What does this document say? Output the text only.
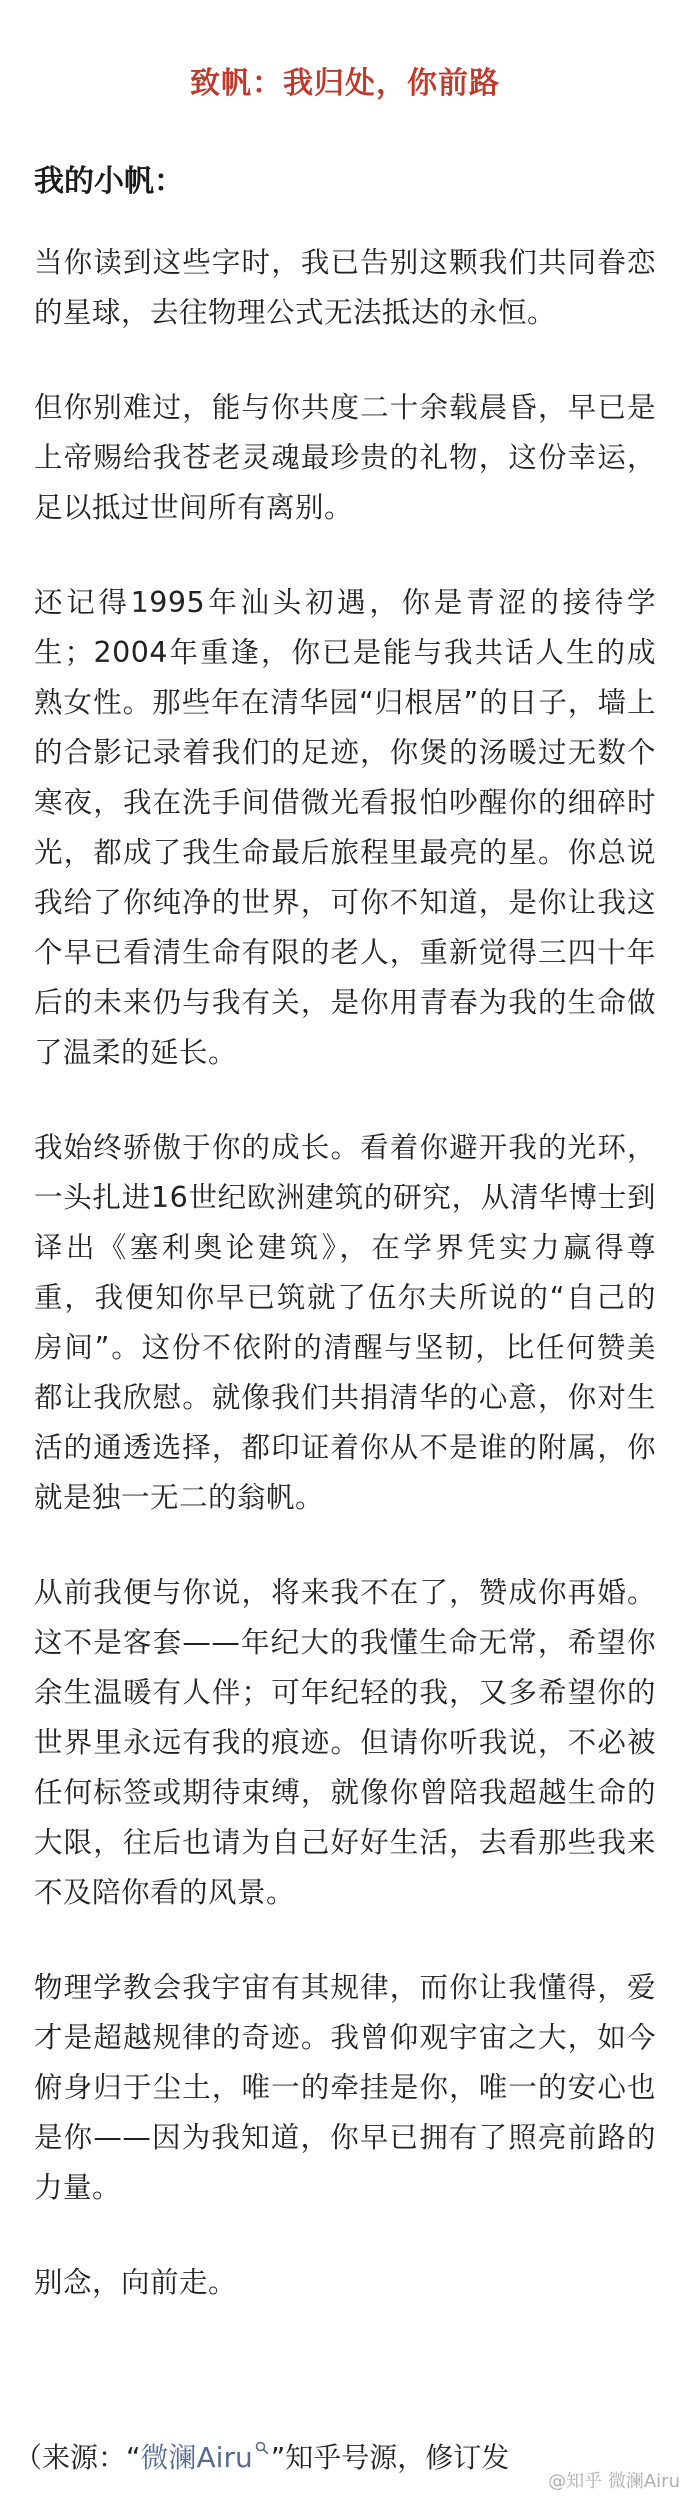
致帆：我归处，你前路
我的小帆：

当你读到这些字时，我已告别这颗我们共同眷恋的星球，去往物理公式无法抵达的永恒。

但你别难过，能与你共度二十余载晨昏，早已是上帝赐给我苍老灵魂最珍贵的礼物，这份幸运，足以抵过世间所有离别。

还记得1995年汕头初遇，你是青涩的接待学生；2004年重逢，你已是能与我共话人生的成熟女性。那些年在清华园“归根居”的日子，墙上的合影记录着我们的足迹，你煲的汤暖过无数个寒夜，我在洗手间借微光看报怕吵醒你的细碎时光，都成了我生命最后旅程里最亮的星。你总说我给了你纯净的世界，可你不知道，是你让我这个早已看清生命有限的老人，重新觉得三四十年后的未来仍与我有关，是你用青春为我的生命做了温柔的延长。

我始终骄傲于你的成长。看着你避开我的光环，一头扎进16世纪欧洲建筑的研究，从清华博士到译出《塞利奥论建筑》，在学界凭实力赢得尊重，我便知你早已筑就了伍尔夫所说的“自己的房间”。这份不依附的清醒与坚韧，比任何赞美都让我欣慰。就像我们共捐清华的心意，你对生活的通透选择，都印证着你从不是谁的附属，你就是独一无二的翁帆。

从前我便与你说，将来我不在了，赞成你再婚。这不是客套——年纪大的我懂生命无常，希望你余生温暖有人伴；可年纪轻的我，又多希望你的世界里永远有我的痕迹。但请你听我说，不必被任何标签或期待束缚，就像你曾陪我超越生命的大限，往后也请为自己好好生活，去看那些我来不及陪你看的风景。

物理学教会我宇宙有其规律，而你让我懂得，爱才是超越规律的奇迹。我曾仰观宇宙之大，如今俯身归于尘土，唯一的牵挂是你，唯一的安心也是你——因为我知道，你早已拥有了照亮前路的力量。

别念，向前走。

（来源：“微澜Airu ”知乎号源，修订发
@知乎 微澜Airu
